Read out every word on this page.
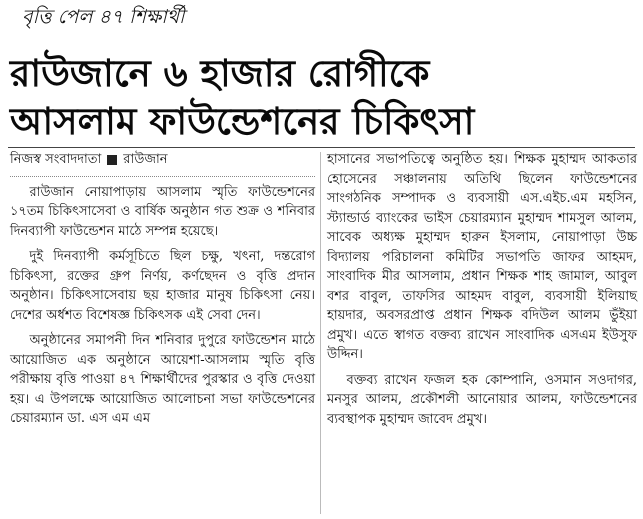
বৃত্তি পেল ৪৭ শিক্ষার্থী
রাউজানে ৬ হাজার রোগীকে
আসলাম ফাউন্ডেশনের চিকিৎসা
নিজস্ব সংবাদদাতা রাউজান

রাউজান নোয়াপাড়ায় আসলাম স্মৃতি ফাউন্ডেশনের ১৭তম চিকিৎসাসেবা ও বার্ষিক অনুষ্ঠান গত শুক্র ও শনিবার দিনব্যাপী ফাউন্ডেশন মাঠে সম্পন্ন হয়েছে।

দুই দিনব্যাপী কর্মসূচিতে ছিল চক্ষু, খৎনা, দন্তরোগ চিকিৎসা, রক্তের গ্রুপ নির্ণয়, কর্ণছেদন ও বৃত্তি প্রদান অনুষ্ঠান। চিকিৎসাসেবায় ছয় হাজার মানুষ চিকিৎসা নেয়। দেশের অর্ধশত বিশেষজ্ঞ চিকিৎসক এই সেবা দেন।

অনুষ্ঠানের সমাপনী দিন শনিবার দুপুরে ফাউন্ডেশন মাঠে আয়োজিত এক অনুষ্ঠানে আয়েশা-আসলাম স্মৃতি বৃত্তি পরীক্ষায় বৃত্তি পাওয়া ৪৭ শিক্ষার্থীদের পুরস্কার ও বৃত্তি দেওয়া হয়। এ উপলক্ষে আয়োজিত আলোচনা সভা ফাউন্ডেশনের চেয়ারম্যান ডা. এস এম এম

হাসানের সভাপতিত্বে অনুষ্ঠিত হয়। শিক্ষক মুহাম্মদ আকতার হোসেনের সঞ্চালনায় অতিথি ছিলেন ফাউন্ডেশনের সাংগঠনিক সম্পাদক ও ব্যবসায়ী এস.এইচ.এম মহসিন, স্ট্যান্ডার্ড ব্যাংকের ভাইস চেয়ারম্যান মুহাম্মদ শামসুল আলম, সাবেক অধ্যক্ষ মুহাম্মদ হারুন ইসলাম, নোয়াপাড়া উচ্চ বিদ্যালয় পরিচালনা কমিটির সভাপতি জাফর আহমদ, সাংবাদিক মীর আসলাম, প্রধান শিক্ষক শাহ জামাল, আবুল বশর বাবুল, তাফসির আহমদ বাবুল, ব্যবসায়ী ইলিয়াছ হায়দার, অবসরপ্রাপ্ত প্রধান শিক্ষক বদিউল আলম ভুঁইয়া প্রমুখ। এতে স্বাগত বক্তব্য রাখেন সাংবাদিক এসএম ইউসুফ উদ্দিন।

বক্তব্য রাখেন ফজল হক কোম্পানি, ওসমান সওদাগর, মনসুর আলম, প্রকৌশলী আনোয়ার আলম, ফাউন্ডেশনের ব্যবস্থাপক মুহাম্মদ জাবেদ প্রমুখ।
